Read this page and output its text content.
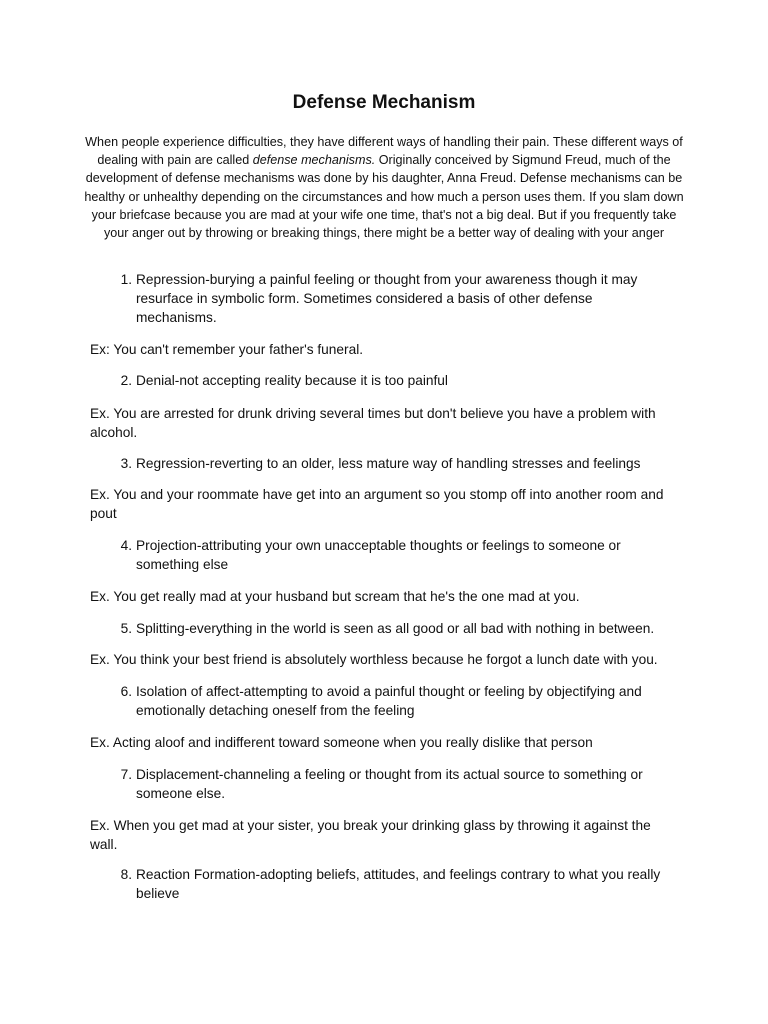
Defense Mechanism

When people experience difficulties, they have different ways of handling their pain. These different ways of dealing with pain are called defense mechanisms. Originally conceived by Sigmund Freud, much of the development of defense mechanisms was done by his daughter, Anna Freud. Defense mechanisms can be healthy or unhealthy depending on the circumstances and how much a person uses them. If you slam down your briefcase because you are mad at your wife one time, that's not a big deal. But if you frequently take your anger out by throwing or breaking things, there might be a better way of dealing with your anger

1. Repression-burying a painful feeling or thought from your awareness though it may resurface in symbolic form. Sometimes considered a basis of other defense mechanisms.

Ex: You can't remember your father's funeral.

2. Denial-not accepting reality because it is too painful

Ex. You are arrested for drunk driving several times but don't believe you have a problem with alcohol.

3. Regression-reverting to an older, less mature way of handling stresses and feelings

Ex. You and your roommate have get into an argument so you stomp off into another room and pout

4. Projection-attributing your own unacceptable thoughts or feelings to someone or something else

Ex. You get really mad at your husband but scream that he's the one mad at you.

5. Splitting-everything in the world is seen as all good or all bad with nothing in between.

Ex. You think your best friend is absolutely worthless because he forgot a lunch date with you.

6. Isolation of affect-attempting to avoid a painful thought or feeling by objectifying and emotionally detaching oneself from the feeling

Ex. Acting aloof and indifferent toward someone when you really dislike that person

7. Displacement-channeling a feeling or thought from its actual source to something or someone else.

Ex. When you get mad at your sister, you break your drinking glass by throwing it against the wall.

8. Reaction Formation-adopting beliefs, attitudes, and feelings contrary to what you really believe
